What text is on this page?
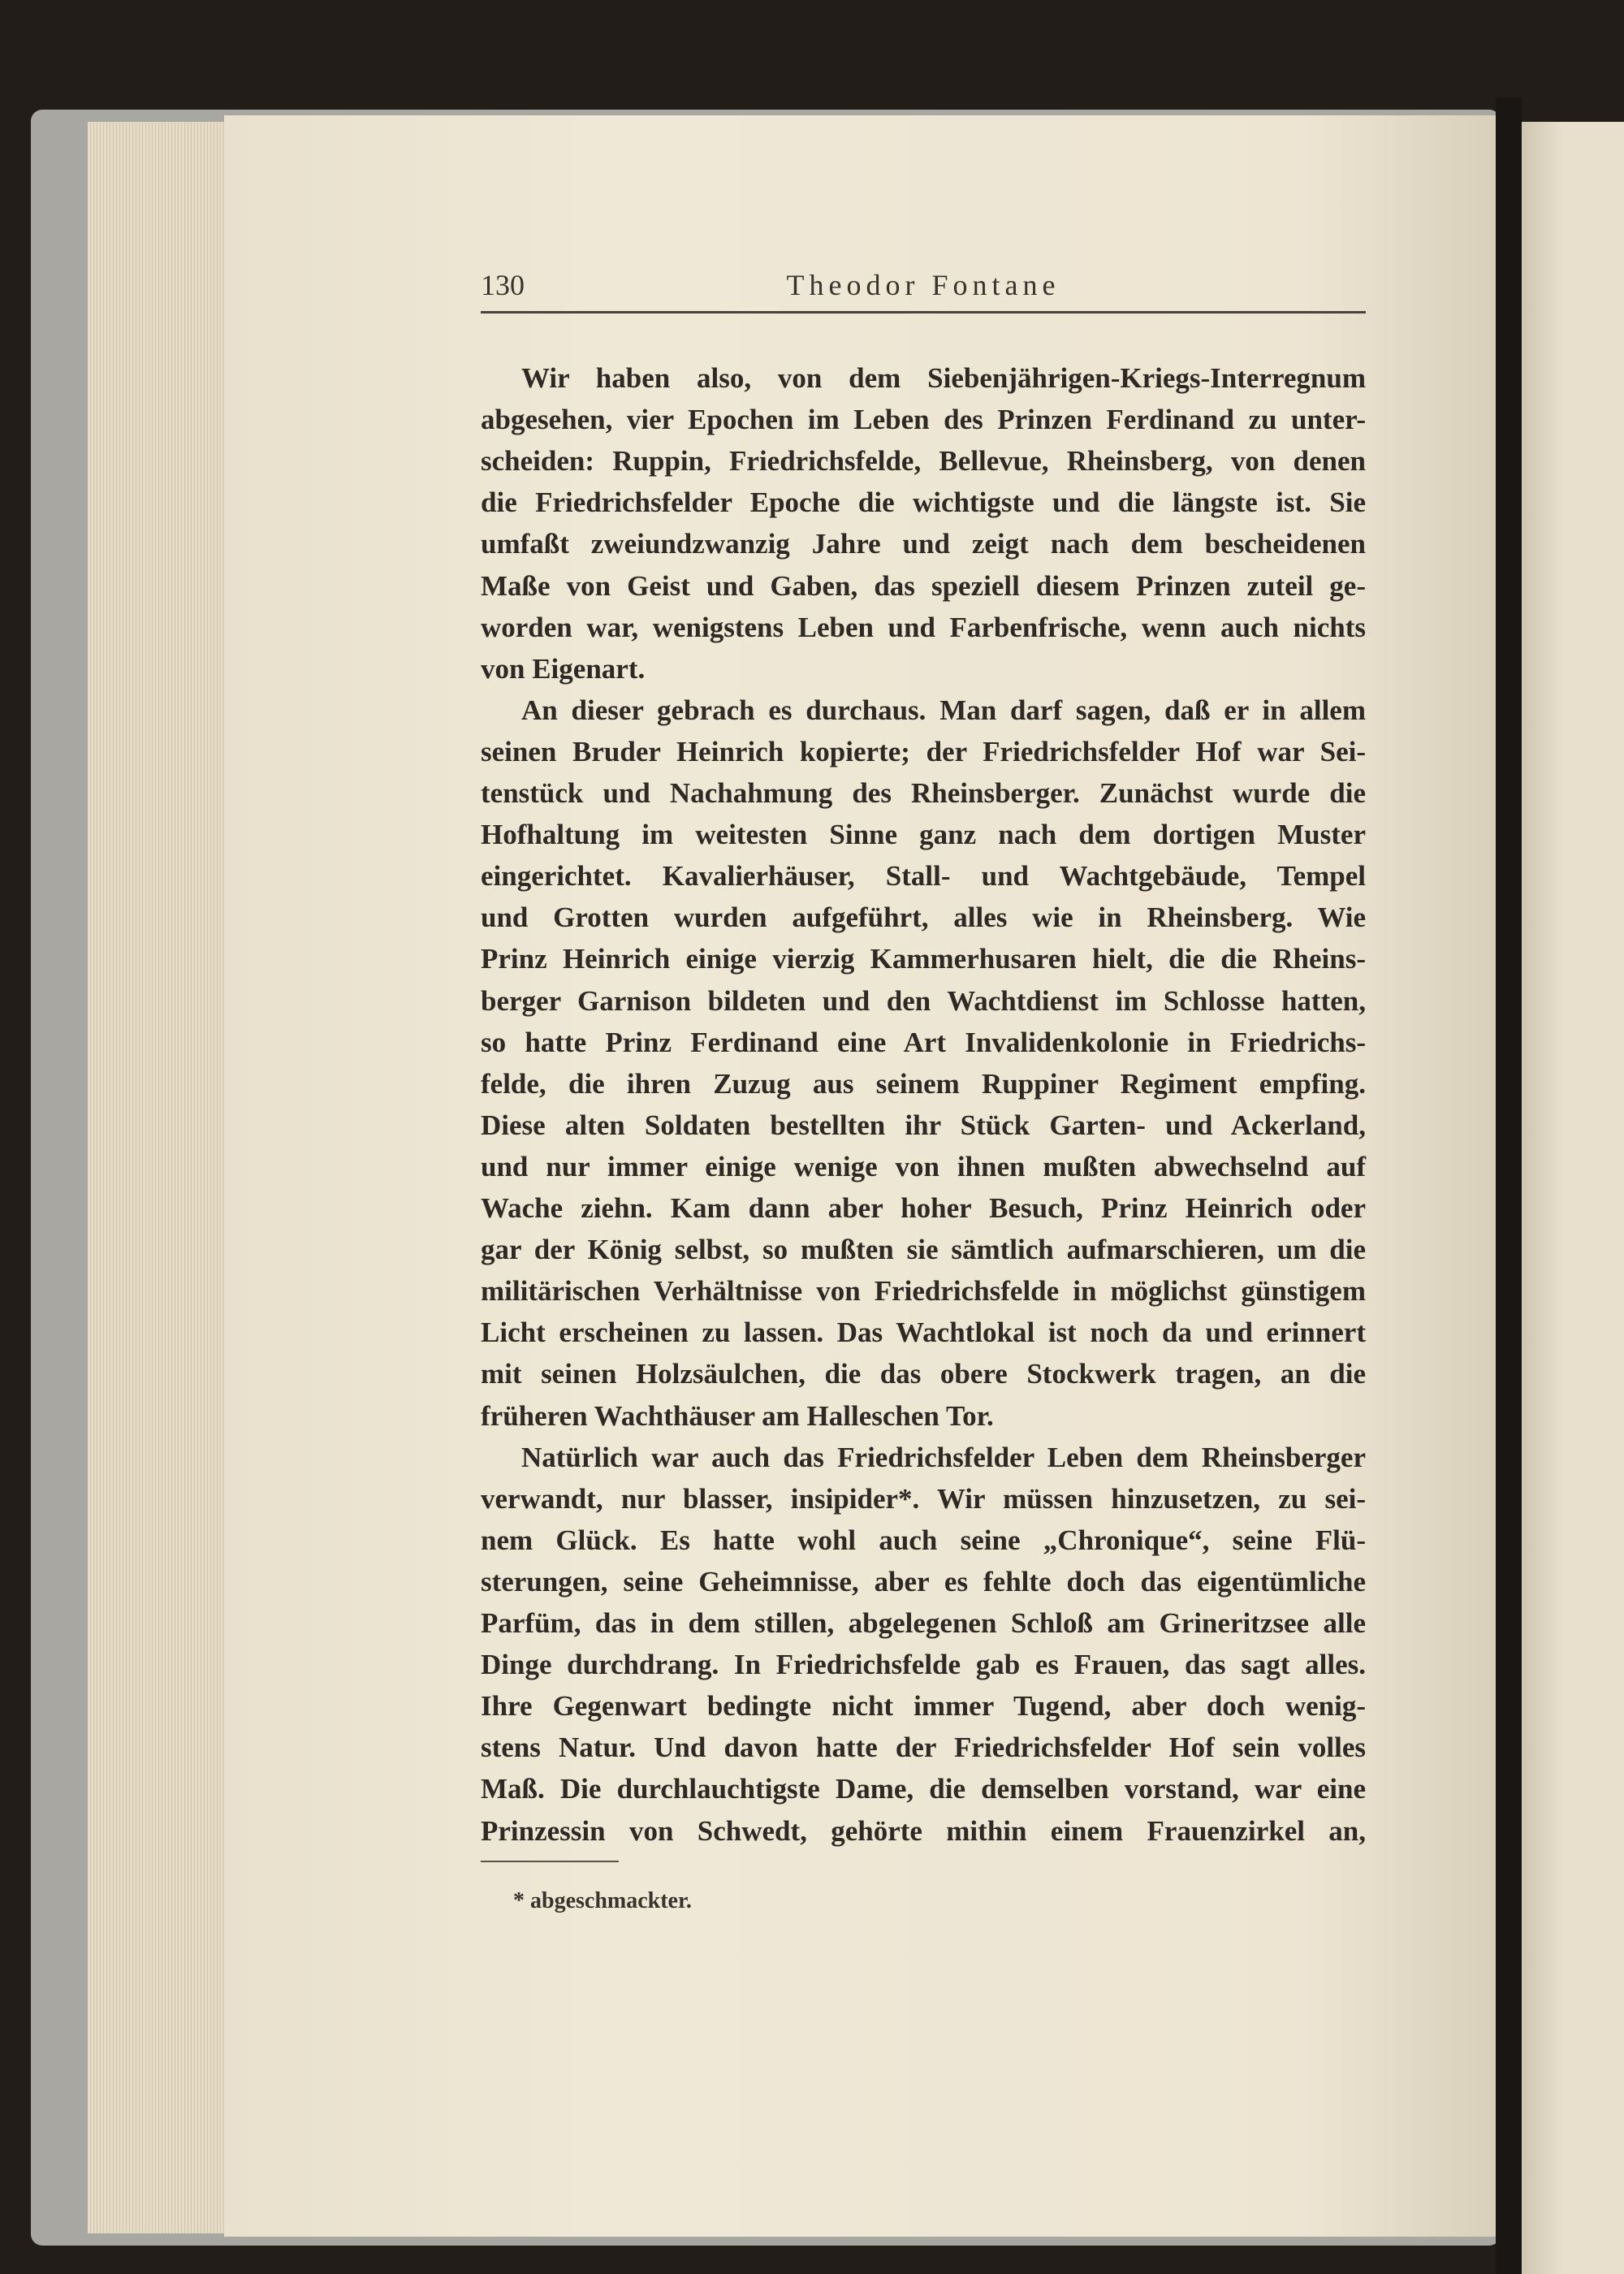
130	Theodor Fontane
Wir haben also, von dem Siebenjährigen-Kriegs-Interregnum
abgesehen, vier Epochen im Leben des Prinzen Ferdinand zu unter-
scheiden: Ruppin, Friedrichsfelde, Bellevue, Rheinsberg, von denen
die Friedrichsfelder Epoche die wichtigste und die längste ist. Sie
umfaßt zweiundzwanzig Jahre und zeigt nach dem bescheidenen
Maße von Geist und Gaben, das speziell diesem Prinzen zuteil ge-
worden war, wenigstens Leben und Farbenfrische, wenn auch nichts
von Eigenart.
An dieser gebrach es durchaus. Man darf sagen, daß er in allem
seinen Bruder Heinrich kopierte; der Friedrichsfelder Hof war Sei-
tenstück und Nachahmung des Rheinsberger. Zunächst wurde die
Hofhaltung im weitesten Sinne ganz nach dem dortigen Muster
eingerichtet. Kavalierhäuser, Stall- und Wachtgebäude, Tempel
und Grotten wurden aufgeführt, alles wie in Rheinsberg. Wie
Prinz Heinrich einige vierzig Kammerhusaren hielt, die die Rheins-
berger Garnison bildeten und den Wachtdienst im Schlosse hatten,
so hatte Prinz Ferdinand eine Art Invalidenkolonie in Friedrichs-
felde, die ihren Zuzug aus seinem Ruppiner Regiment empfing.
Diese alten Soldaten bestellten ihr Stück Garten- und Ackerland,
und nur immer einige wenige von ihnen mußten abwechselnd auf
Wache ziehn. Kam dann aber hoher Besuch, Prinz Heinrich oder
gar der König selbst, so mußten sie sämtlich aufmarschieren, um die
militärischen Verhältnisse von Friedrichsfelde in möglichst günstigem
Licht erscheinen zu lassen. Das Wachtlokal ist noch da und erinnert
mit seinen Holzsäulchen, die das obere Stockwerk tragen, an die
früheren Wachthäuser am Halleschen Tor.
Natürlich war auch das Friedrichsfelder Leben dem Rheinsberger
verwandt, nur blasser, insipider*. Wir müssen hinzusetzen, zu sei-
nem Glück. Es hatte wohl auch seine „Chronique“, seine Flü-
sterungen, seine Geheimnisse, aber es fehlte doch das eigentümliche
Parfüm, das in dem stillen, abgelegenen Schloß am Grineritzsee alle
Dinge durchdrang. In Friedrichsfelde gab es Frauen, das sagt alles.
Ihre Gegenwart bedingte nicht immer Tugend, aber doch wenig-
stens Natur. Und davon hatte der Friedrichsfelder Hof sein volles
Maß. Die durchlauchtigste Dame, die demselben vorstand, war eine
Prinzessin von Schwedt, gehörte mithin einem Frauenzirkel an,
* abgeschmackter.
